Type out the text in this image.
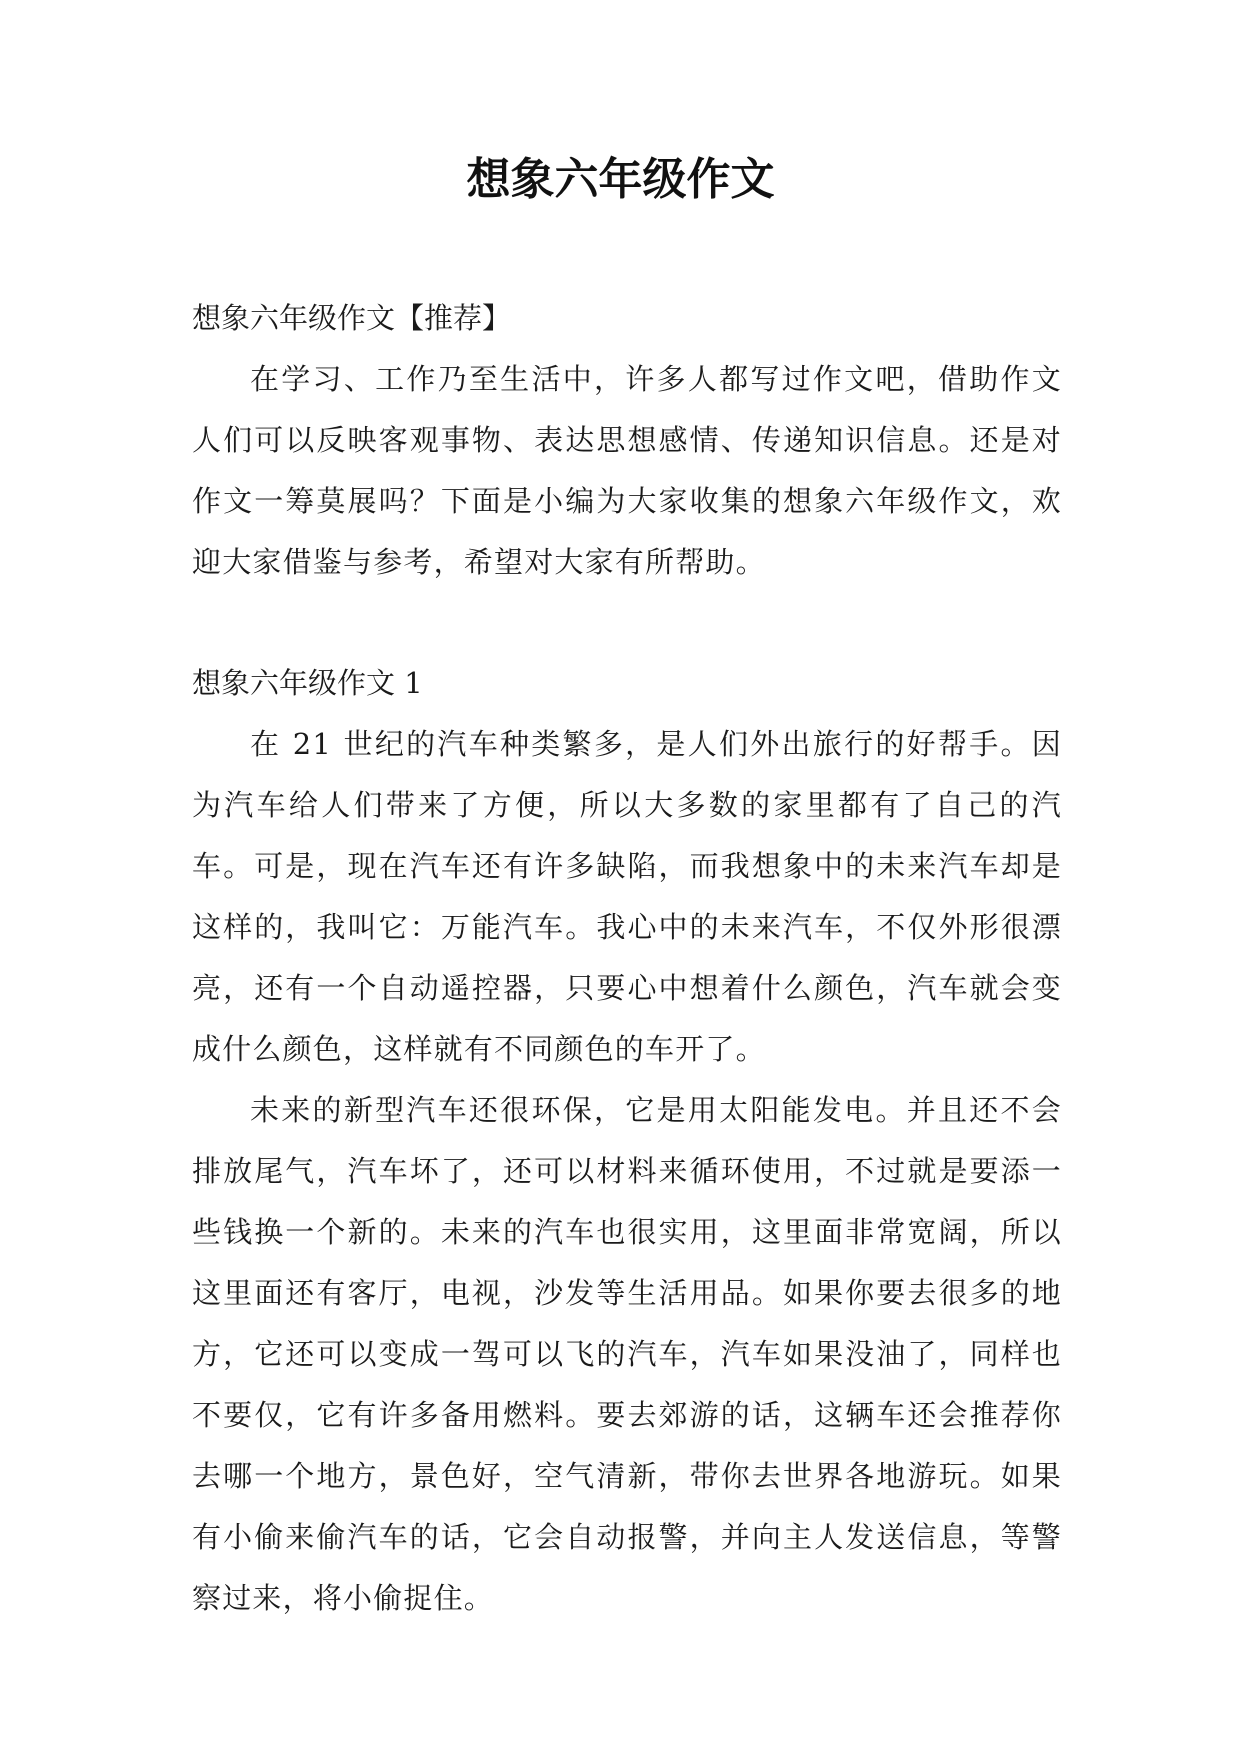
想象六年级作文

想象六年级作文【推荐】

在学习、工作乃至生活中，许多人都写过作文吧，借助作文人们可以反映客观事物、表达思想感情、传递知识信息。还是对作文一筹莫展吗？下面是小编为大家收集的想象六年级作文，欢迎大家借鉴与参考，希望对大家有所帮助。

想象六年级作文 1

在 21 世纪的汽车种类繁多，是人们外出旅行的好帮手。因为汽车给人们带来了方便，所以大多数的家里都有了自己的汽车。可是，现在汽车还有许多缺陷，而我想象中的未来汽车却是这样的，我叫它：万能汽车。我心中的未来汽车，不仅外形很漂亮，还有一个自动遥控器，只要心中想着什么颜色，汽车就会变成什么颜色，这样就有不同颜色的车开了。

未来的新型汽车还很环保，它是用太阳能发电。并且还不会排放尾气，汽车坏了，还可以材料来循环使用，不过就是要添一些钱换一个新的。未来的汽车也很实用，这里面非常宽阔，所以这里面还有客厅，电视，沙发等生活用品。如果你要去很多的地方，它还可以变成一驾可以飞的汽车，汽车如果没油了，同样也不要仅，它有许多备用燃料。要去郊游的话，这辆车还会推荐你去哪一个地方，景色好，空气清新，带你去世界各地游玩。如果有小偷来偷汽车的话，它会自动报警，并向主人发送信息，等警察过来，将小偷捉住。
